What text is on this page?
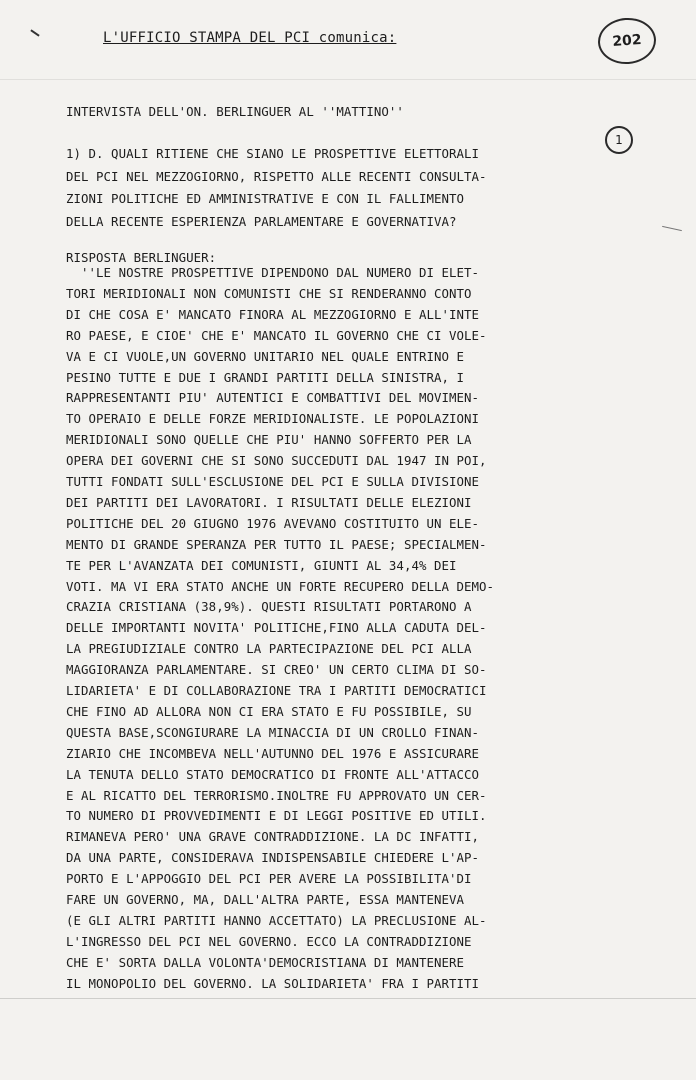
L'UFFICIO STAMPA DEL PCI comunica:	202
INTERVISTA DELL'ON. BERLINGUER AL ''MATTINO''
1
1) D. QUALI RITIENE CHE SIANO LE PROSPETTIVE ELETTORALI
DEL PCI NEL MEZZOGIORNO, RISPETTO ALLE RECENTI CONSULTA-
ZIONI POLITICHE ED AMMINISTRATIVE E CON IL FALLIMENTO
DELLA RECENTE ESPERIENZA PARLAMENTARE E GOVERNATIVA?
RISPOSTA BERLINGUER:
''LE NOSTRE PROSPETTIVE DIPENDONO DAL NUMERO DI ELET-
TORI MERIDIONALI NON COMUNISTI CHE SI RENDERANNO CONTO
DI CHE COSA E' MANCATO FINORA AL MEZZOGIORNO E ALL'INTE
RO PAESE, E CIOE' CHE E' MANCATO IL GOVERNO CHE CI VOLE-
VA E CI VUOLE,UN GOVERNO UNITARIO NEL QUALE ENTRINO E
PESINO TUTTE E DUE I GRANDI PARTITI DELLA SINISTRA, I
RAPPRESENTANTI PIU' AUTENTICI E COMBATTIVI DEL MOVIMEN-
TO OPERAIO E DELLE FORZE MERIDIONALISTE. LE POPOLAZIONI
MERIDIONALI SONO QUELLE CHE PIU' HANNO SOFFERTO PER LA
OPERA DEI GOVERNI CHE SI SONO SUCCEDUTI DAL 1947 IN POI,
TUTTI FONDATI SULL'ESCLUSIONE DEL PCI E SULLA DIVISIONE
DEI PARTITI DEI LAVORATORI. I RISULTATI DELLE ELEZIONI
POLITICHE DEL 20 GIUGNO 1976 AVEVANO COSTITUITO UN ELE-
MENTO DI GRANDE SPERANZA PER TUTTO IL PAESE; SPECIALMEN-
TE PER L'AVANZATA DEI COMUNISTI, GIUNTI AL 34,4% DEI
VOTI. MA VI ERA STATO ANCHE UN FORTE RECUPERO DELLA DEMO-
CRAZIA CRISTIANA (38,9%). QUESTI RISULTATI PORTARONO A
DELLE IMPORTANTI NOVITA' POLITICHE,FINO ALLA CADUTA DEL-
LA PREGIUDIZIALE CONTRO LA PARTECIPAZIONE DEL PCI ALLA
MAGGIORANZA PARLAMENTARE. SI CREO' UN CERTO CLIMA DI SO-
LIDARIETA' E DI COLLABORAZIONE TRA I PARTITI DEMOCRATICI
CHE FINO AD ALLORA NON CI ERA STATO E FU POSSIBILE, SU
QUESTA BASE,SCONGIURARE LA MINACCIA DI UN CROLLO FINAN-
ZIARIO CHE INCOMBEVA NELL'AUTUNNO DEL 1976 E ASSICURARE
LA TENUTA DELLO STATO DEMOCRATICO DI FRONTE ALL'ATTACCO
E AL RICATTO DEL TERRORISMO.INOLTRE FU APPROVATO UN CER-
TO NUMERO DI PROVVEDIMENTI E DI LEGGI POSITIVE ED UTILI.
RIMANEVA PERO' UNA GRAVE CONTRADDIZIONE. LA DC INFATTI,
DA UNA PARTE, CONSIDERAVA INDISPENSABILE CHIEDERE L'AP-
PORTO E L'APPOGGIO DEL PCI PER AVERE LA POSSIBILITA'DI
FARE UN GOVERNO, MA, DALL'ALTRA PARTE, ESSA MANTENEVA
(E GLI ALTRI PARTITI HANNO ACCETTATO) LA PRECLUSIONE AL-
L'INGRESSO DEL PCI NEL GOVERNO. ECCO LA CONTRADDIZIONE
CHE E' SORTA DALLA VOLONTA'DEMOCRISTIANA DI MANTENERE
IL MONOPOLIO DEL GOVERNO. LA SOLIDARIETA' FRA I PARTITI
